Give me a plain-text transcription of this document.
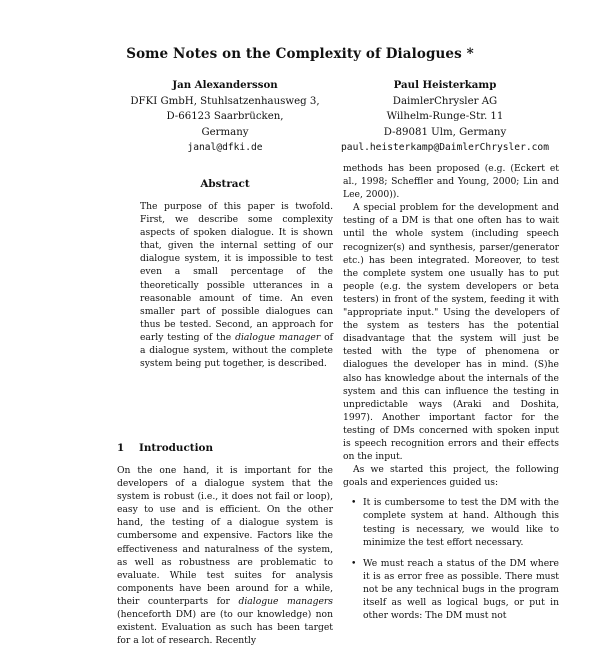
Some Notes on the Complexity of Dialogues *
Jan Alexandersson
DFKI GmbH, Stuhlsatzenhausweg 3,
D-66123 Saarbrücken,
Germany
janal@dfki.de
Paul Heisterkamp
DaimlerChrysler AG
Wilhelm-Runge-Str. 11
D-89081 Ulm, Germany
paul.heisterkamp@DaimlerChrysler.com
Abstract
The purpose of this paper is twofold. First, we describe some complexity aspects of spoken dialogue. It is shown that, given the internal setting of our dialogue system, it is impossible to test even a small percentage of the theoretically possible utterances in a reasonable amount of time. An even smaller part of possible dialogues can thus be tested. Second, an approach for early testing of the dialogue manager of a dialogue system, without the complete system being put together, is described.
1 Introduction

On the one hand, it is important for the developers of a dialogue system that the system is robust (i.e., it does not fail or loop), easy to use and is efficient. On the other hand, the testing of a dialogue system is cumbersome and expensive. Factors like the effectiveness and naturalness of the system, as well as robustness are problematic to evaluate. While test suites for analysis components have been around for a while, their counterparts for dialogue managers (henceforth DM) are (to our knowledge) non existent. Evaluation as such has been target for a lot of research. Recently

methods has been proposed (e.g. (Eckert et al., 1998; Scheffler and Young, 2000; Lin and Lee, 2000)).

A special problem for the development and testing of a DM is that one often has to wait until the whole system (including speech recognizer(s) and synthesis, parser/generator etc.) has been integrated. Moreover, to test the complete system one usually has to put people (e.g. the system developers or beta testers) in front of the system, feeding it with "appropriate input." Using the developers of the system as testers has the potential disadvantage that the system will just be tested with the type of phenomena or dialogues the developer has in mind. (S)he also has knowledge about the internals of the system and this can influence the testing in unpredictable ways (Araki and Doshita, 1997). Another important factor for the testing of DMs concerned with spoken input is speech recognition errors and their effects on the input.

As we started this project, the following goals and experiences guided us:

• It is cumbersome to test the DM with the complete system at hand. Although this testing is necessary, we would like to minimize the test effort necessary.
• We must reach a status of the DM where it is as error free as possible. There must not be any technical bugs in the program itself as well as logical bugs, or put in other words: The DM must not
